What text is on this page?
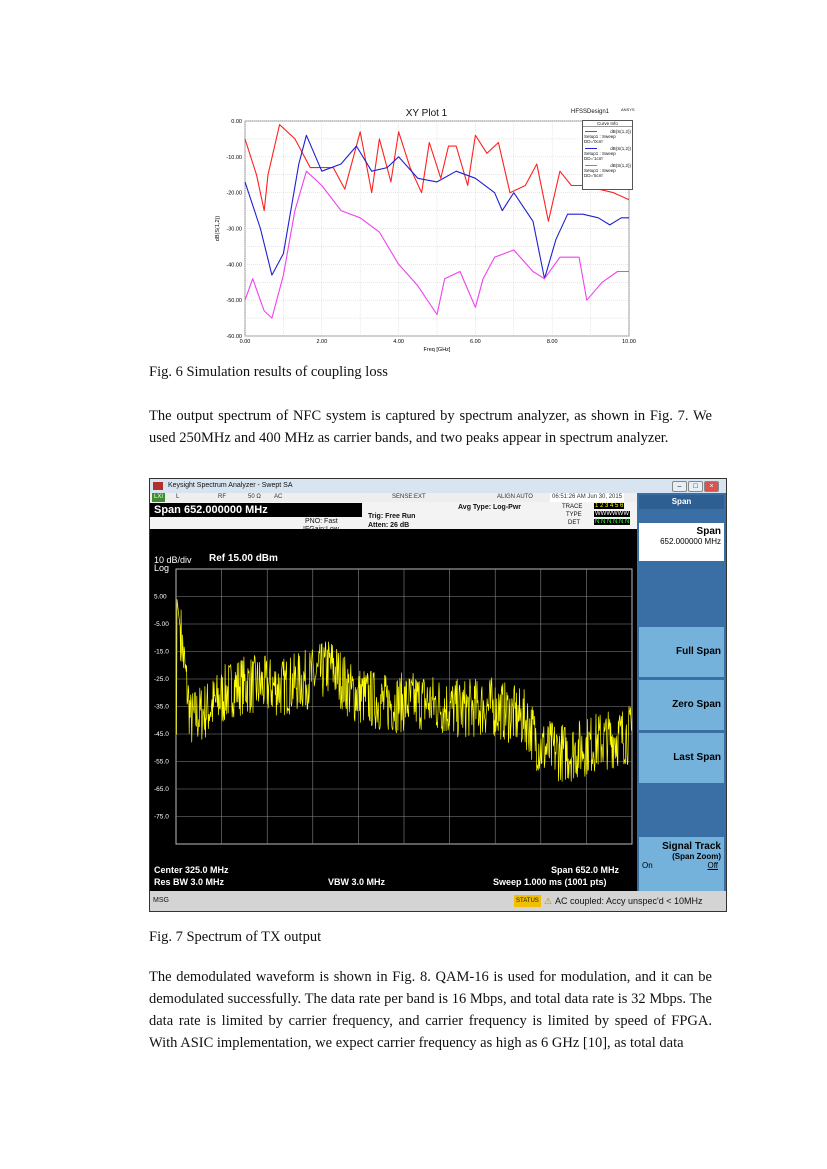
0.00	2.00	4.00	6.00	8.00	10.00
0.00
-10.00
-20.00
-30.00
-40.00
-50.00
-60.00
Freq [GHz]
dB(S(1,2))
XY Plot 1	HFSSDesign1	ANSYS
Curve Info
dB(S(1,2))
Setup1 : Sweep
DD='0cm'
dB(S(1,2))
Setup1 : Sweep
DD='1cm'
dB(S(1,2))
Setup1 : Sweep
DD='5cm'
Fig. 6 Simulation results of coupling loss
The output spectrum of NFC system is captured by spectrum analyzer, as shown in Fig. 7. We used 250MHz and 400 MHz as carrier bands, and two peaks appear in spectrum analyzer.
Keysight Spectrum Analyzer - Swept SA	–	□	×
LXI	L	RF	50 Ω AC	SENSE:EXT	ALIGN AUTO	06:51:26 AM Jun 30, 2015
Span 652.000000 MHz
PNO: Fast
Trig: Free Run
Atten: 26 dB
Avg Type: Log-Pwr	TRACE 1 2 3 4 5 6
TYPE WWWWWW
DET	N N N N N N
10 dB/div
Log
Ref 15.00 dBm
5.00
-5.00
-15.0
-25.0
-35.0
-45.0
-55.0
-65.0
-75.0
Center 325.0 MHz
Res BW 3.0 MHz	VBW 3.0 MHz
Span 652.0 MHz
Sweep 1.000 ms (1001 pts)
Span
Span
652.000000 MHz
Full Span
Zero Span
Last Span
Signal Track
(Span Zoom)
On	Off
MSG	STATUS ⚠ AC coupled: Accy unspec'd < 10MHz
Fig. 7 Spectrum of TX output
The demodulated waveform is shown in Fig. 8. QAM-16 is used for modulation, and it can be demodulated successfully. The data rate per band is 16 Mbps, and total data rate is 32 Mbps. The data rate is limited by carrier frequency, and carrier frequency is limited by speed of FPGA. With ASIC implementation, we expect carrier frequency as high as 6 GHz [10], as total data
